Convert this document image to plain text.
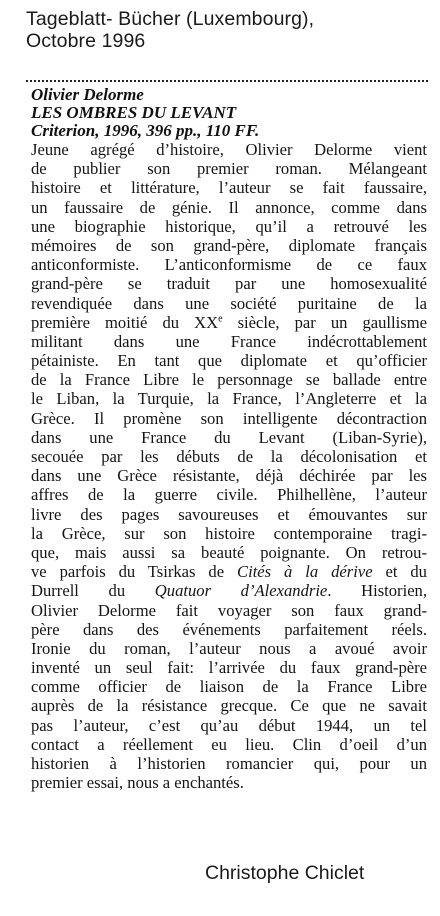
Tageblatt- Bücher (Luxembourg),
Octobre 1996
Olivier Delorme
LES OMBRES DU LEVANT
Criterion, 1996, 396 pp., 110 FF.
Jeune agrégé d’histoire, Olivier Delorme vient
de publier son premier roman. Mélangeant
histoire et littérature, l’auteur se fait faussaire,
un faussaire de génie. Il annonce, comme dans
une biographie historique, qu’il a retrouvé les
mémoires de son grand-père, diplomate français
anticonformiste. L’anticonformisme de ce faux
grand-père se traduit par une homosexualité
revendiquée dans une société puritaine de la
première moitié du XXe siècle, par un gaullisme
militant dans une France indécrottablement
pétainiste. En tant que diplomate et qu’officier
de la France Libre le personnage se ballade entre
le Liban, la Turquie, la France, l’Angleterre et la
Grèce. Il promène son intelligente décontraction
dans une France du Levant (Liban-Syrie),
secouée par les débuts de la décolonisation et
dans une Grèce résistante, déjà déchirée par les
affres de la guerre civile. Philhellène, l’auteur
livre des pages savoureuses et émouvantes sur
la Grèce, sur son histoire contemporaine tragi-
que, mais aussi sa beauté poignante. On retrou-
ve parfois du Tsirkas de Cités à la dérive et du
Durrell du Quatuor d’Alexandrie. Historien,
Olivier Delorme fait voyager son faux grand-
père dans des événements parfaitement réels.
Ironie du roman, l’auteur nous a avoué avoir
inventé un seul fait: l’arrivée du faux grand-père
comme officier de liaison de la France Libre
auprès de la résistance grecque. Ce que ne savait
pas l’auteur, c’est qu’au début 1944, un tel
contact a réellement eu lieu. Clin d’oeil d’un
historien à l’historien romancier qui, pour un
premier essai, nous a enchantés.
Christophe Chiclet
